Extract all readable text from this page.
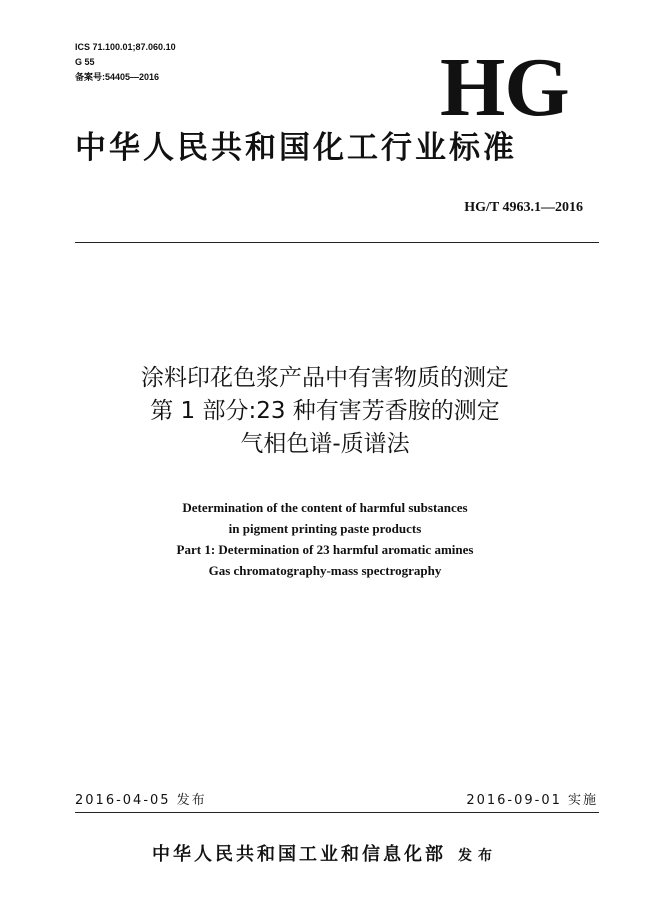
ICS 71.100.01;87.060.10
G 55
备案号:54405—2016	HG
中华人民共和国化工行业标准
HG/T 4963.1—2016
涂料印花色浆产品中有害物质的测定
第 1 部分:23 种有害芳香胺的测定
气相色谱-质谱法
Determination of the content of harmful substances
in pigment printing paste products
Part 1: Determination of 23 harmful aromatic amines
Gas chromatography-mass spectrography
2016-04-05 发布	2016-09-01 实施
中华人民共和国工业和信息化部 发布
